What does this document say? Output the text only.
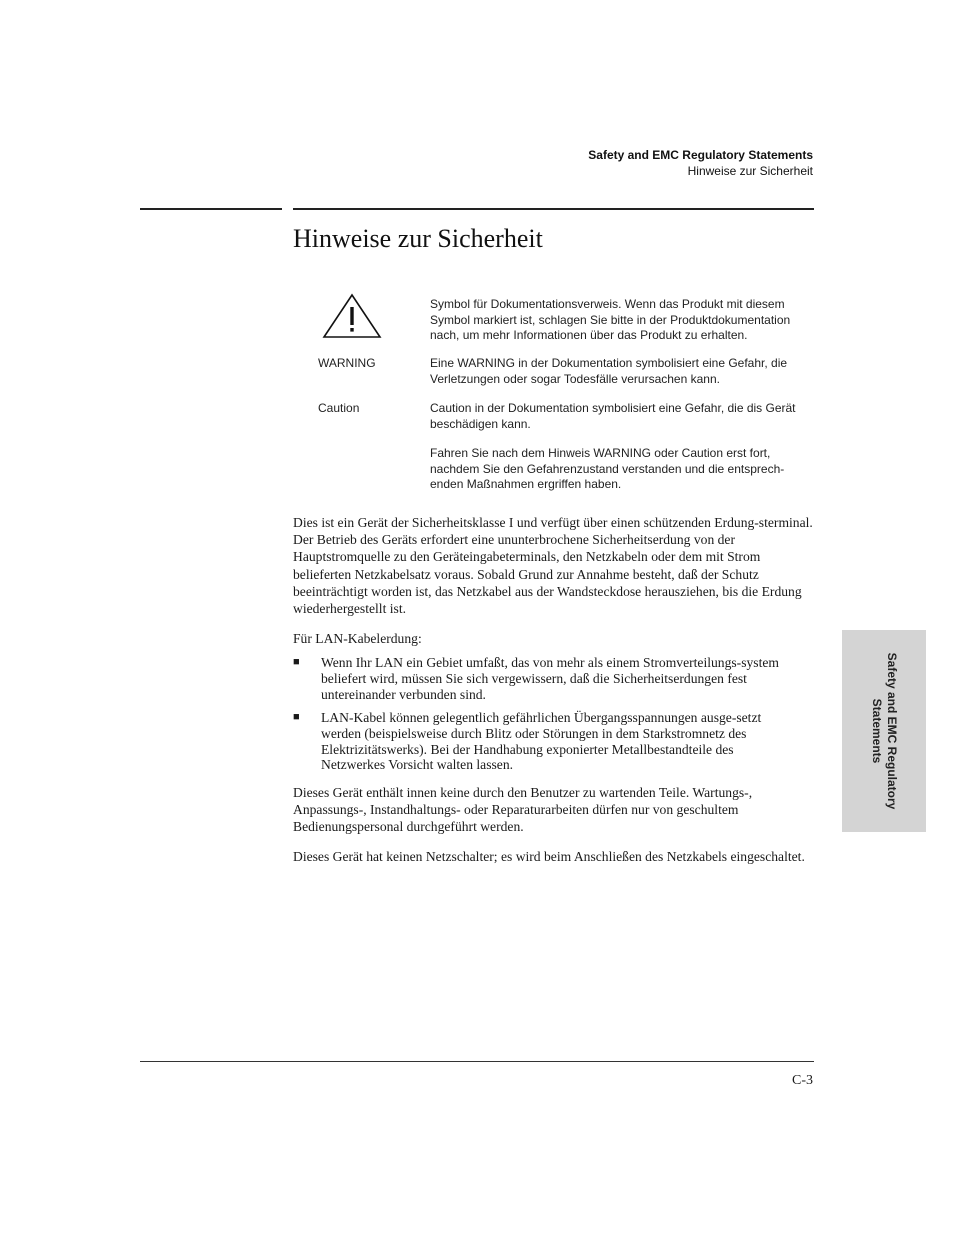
Safety and EMC Regulatory Statements
Hinweise zur Sicherheit
Hinweise zur Sicherheit
Symbol für Dokumentationsverweis. Wenn das Produkt mit diesem Symbol markiert ist, schlagen Sie bitte in der Produktdokumentation nach, um mehr Informationen über das Produkt zu erhalten.
WARNING	Eine WARNING in der Dokumentation symbolisiert eine Gefahr, die Verletzungen oder sogar Todesfälle verursachen kann.
Caution	Caution in der Dokumentation symbolisiert eine Gefahr, die dis Gerät beschädigen kann.
Fahren Sie nach dem Hinweis WARNING oder Caution erst fort, nachdem Sie den Gefahrenzustand verstanden und die entsprech-enden Maßnahmen ergriffen haben.

Dies ist ein Gerät der Sicherheitsklasse I und verfügt über einen schützenden Erdung-sterminal. Der Betrieb des Geräts erfordert eine ununterbrochene Sicherheitserdung von der Hauptstromquelle zu den Geräteingabeterminals, den Netzkabeln oder dem mit Strom belieferten Netzkabelsatz voraus. Sobald Grund zur Annahme besteht, daß der Schutz beeinträchtigt worden ist, das Netzkabel aus der Wandsteckdose herausziehen, bis die Erdung wiederhergestellt ist.

Für LAN-Kabelerdung:

■ Wenn Ihr LAN ein Gebiet umfaßt, das von mehr als einem Stromverteilungs-system beliefert wird, müssen Sie sich vergewissern, daß die Sicherheitserdungen fest untereinander verbunden sind.
■ LAN-Kabel können gelegentlich gefährlichen Übergangsspannungen ausge-setzt werden (beispielsweise durch Blitz oder Störungen in dem Starkstromnetz des Elektrizitätswerks). Bei der Handhabung exponierter Metallbestandteile des Netzwerkes Vorsicht walten lassen.

Dieses Gerät enthält innen keine durch den Benutzer zu wartenden Teile. Wartungs-, Anpassungs-, Instandhaltungs- oder Reparaturarbeiten dürfen nur von geschultem Bedienungspersonal durchgeführt werden.

Dieses Gerät hat keinen Netzschalter; es wird beim Anschließen des Netzkabels eingeschaltet.

Safety and EMC Regulatory Statements
C-3
